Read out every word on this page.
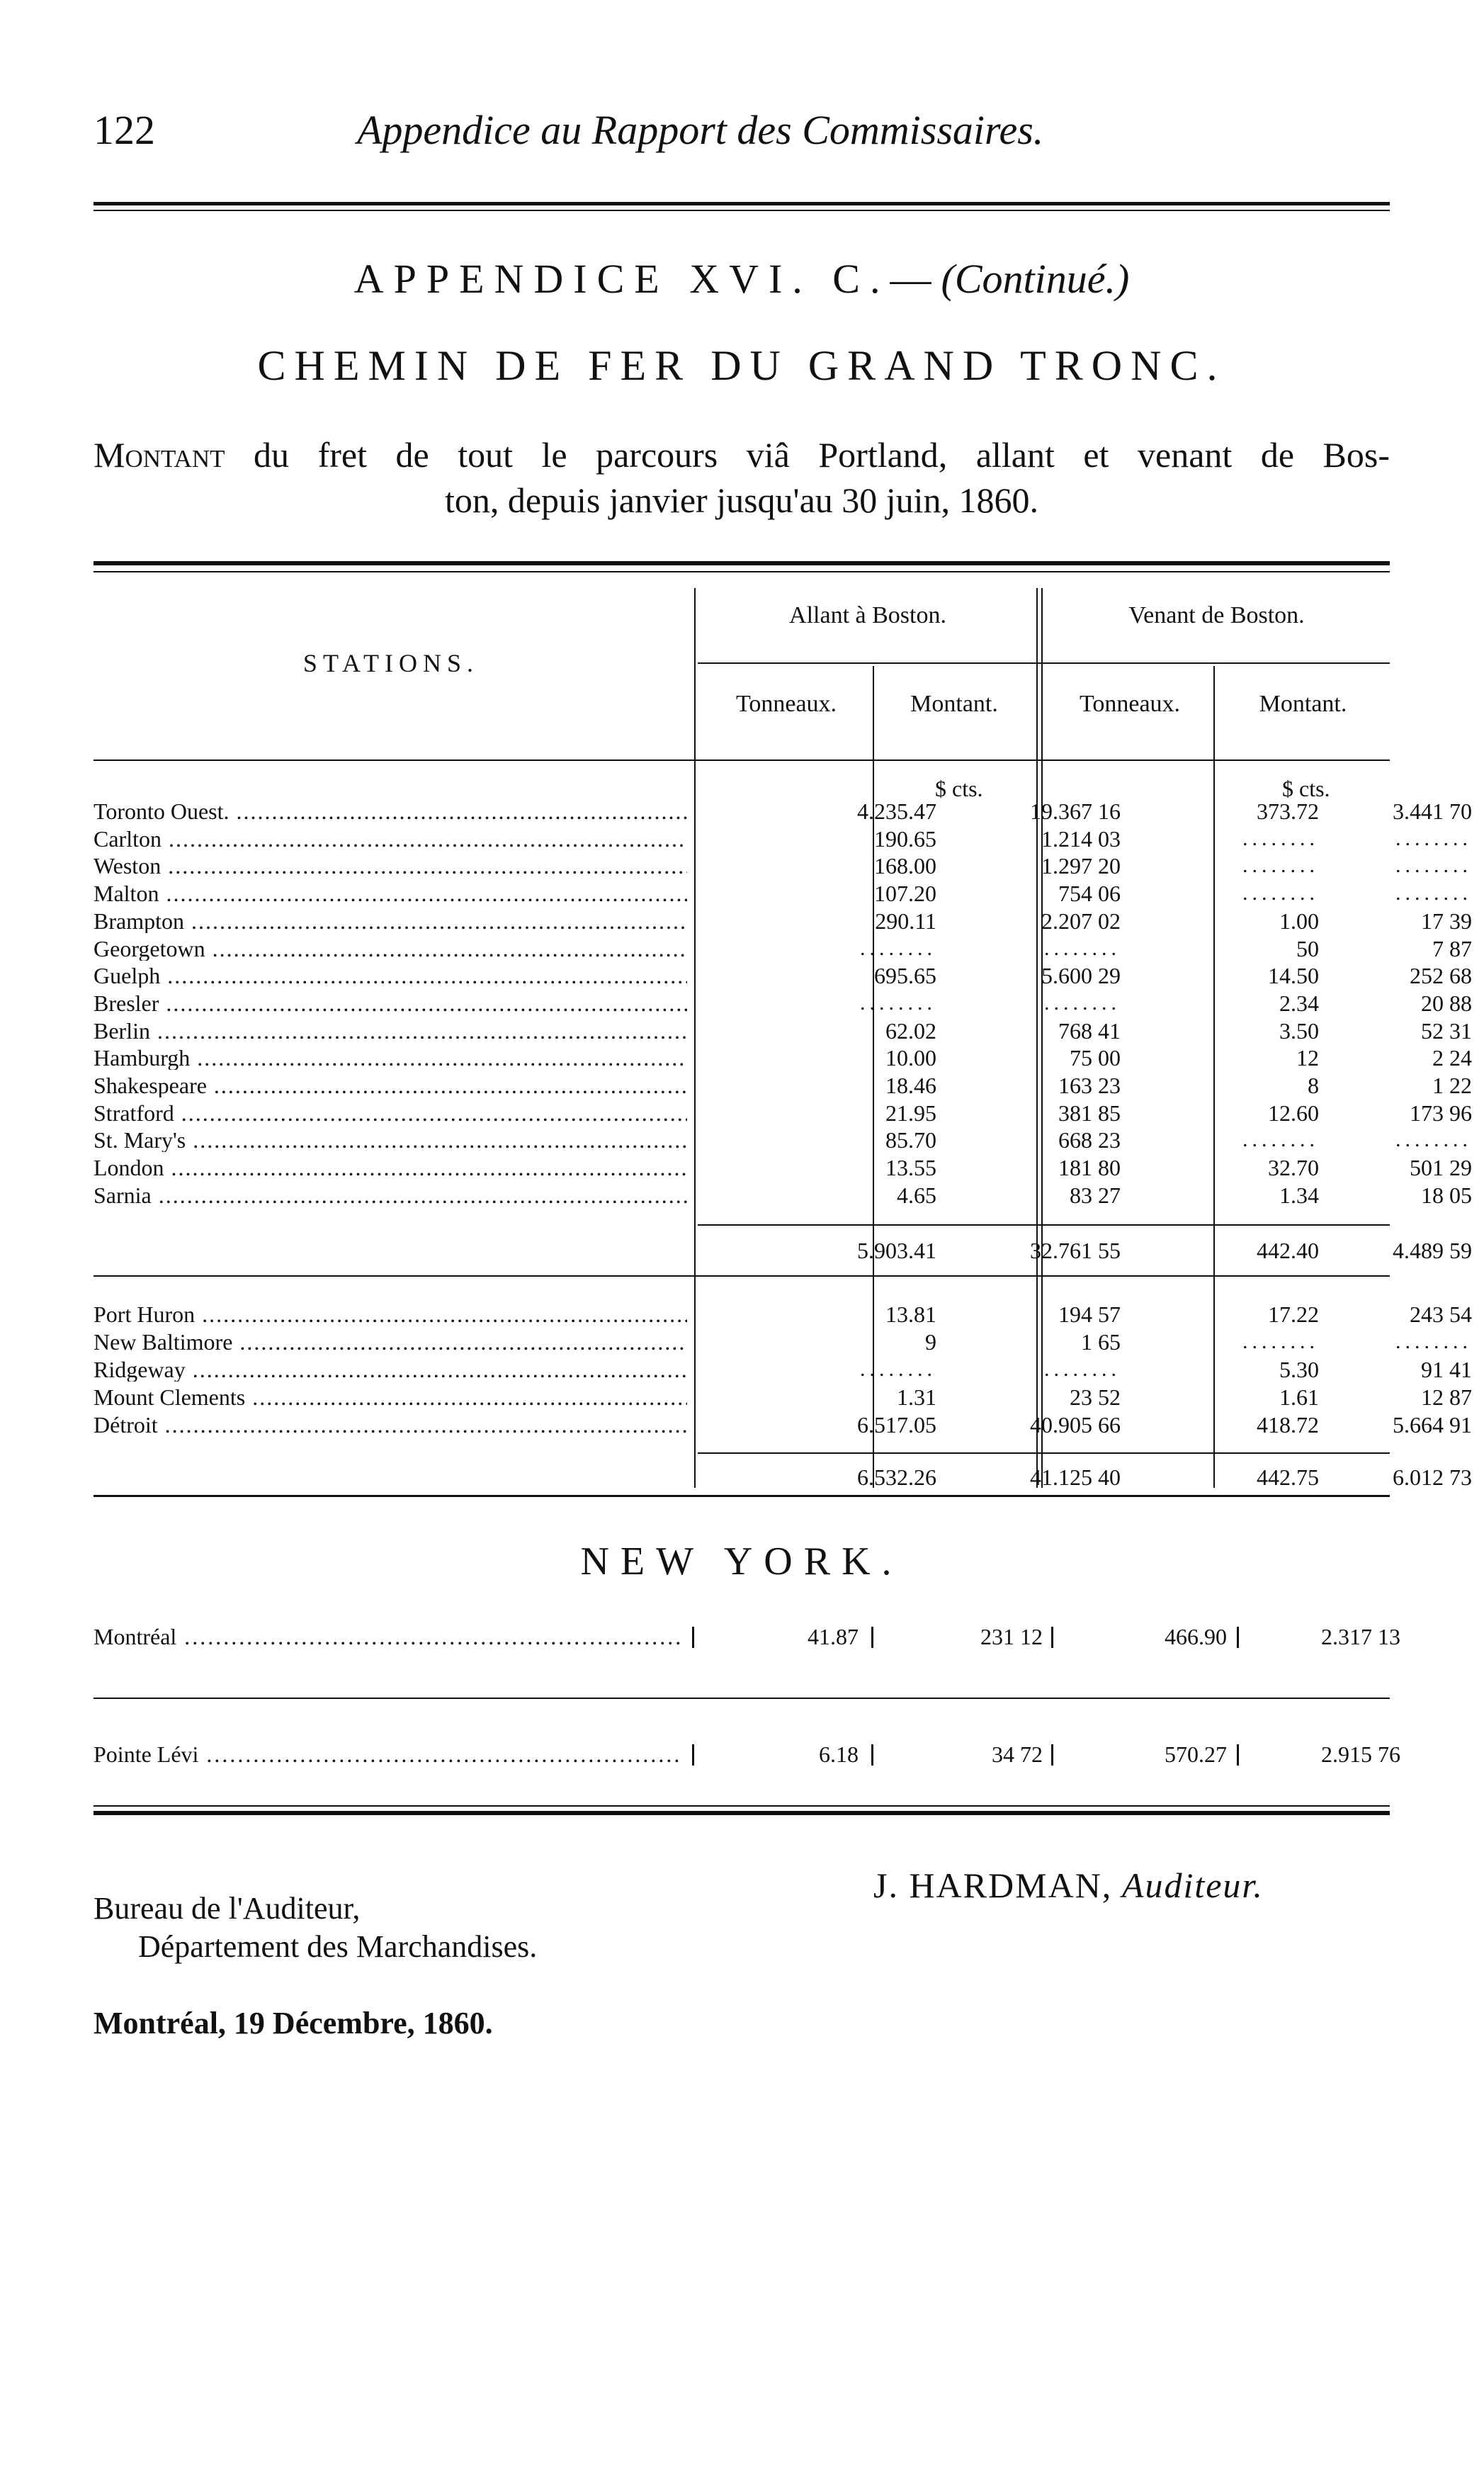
122	Appendice au Rapport des Commissaires.
APPENDICE XVI. C.—(Continué.)
CHEMIN DE FER DU GRAND TRONC.
Montant du fret de tout le parcours viâ Portland, allant et venant de Bos-
ton, depuis janvier jusqu'au 30 juin, 1860.
STATIONS.
Allant à Boston.	Venant de Boston.
Tonneaux.	Montant.	Tonneaux.	Montant.
$ cts.	$ cts.
Toronto Ouest. .....	4.235.47	19.367 16	373.72	3.441 70
Carlton .....	190.65	1.214 03	........	........
Weston .....	168.00	1.297 20	........	........
Malton .....	107.20	754 06	........	........
Brampton .....	290.11	2.207 02	1.00	17 39
Georgetown .....	........	........	50	7 87
Guelph .....	695.65	5.600 29	14.50	252 68
Bresler .....	........	........	2.34	20 88
Berlin .....	62.02	768 41	3.50	52 31
Hamburgh .....	10.00	75 00	12	2 24
Shakespeare .....	18.46	163 23	8	1 22
Stratford .....	21.95	381 85	12.60	173 96
St. Mary's .....	85.70	668 23	........	........
London .....	13.55	181 80	32.70	501 29
Sarnia .....	4.65	83 27	1.34	18 05
5.903.41	32.761 55	442.40	4.489 59
Port Huron .....	13.81	194 57	17.22	243 54
New Baltimore .....	9	1 65	........	........
Ridgeway .....	........	........	5.30	91 41
Mount Clements .....	1.31	23 52	1.61	12 87
Détroit .....	6.517.05	40.905 66	418.72	5.664 91
6.532.26	41.125 40	442.75	6.012 73
NEW YORK.
Montréal .....	41.87	231 12	466.90	2.317 13
Pointe Lévi .....	6.18	34 72	570.27	2.915 76
J. HARDMAN, Auditeur.
Bureau de l'Auditeur,
Département des Marchandises.
Montréal, 19 Décembre, 1860.
